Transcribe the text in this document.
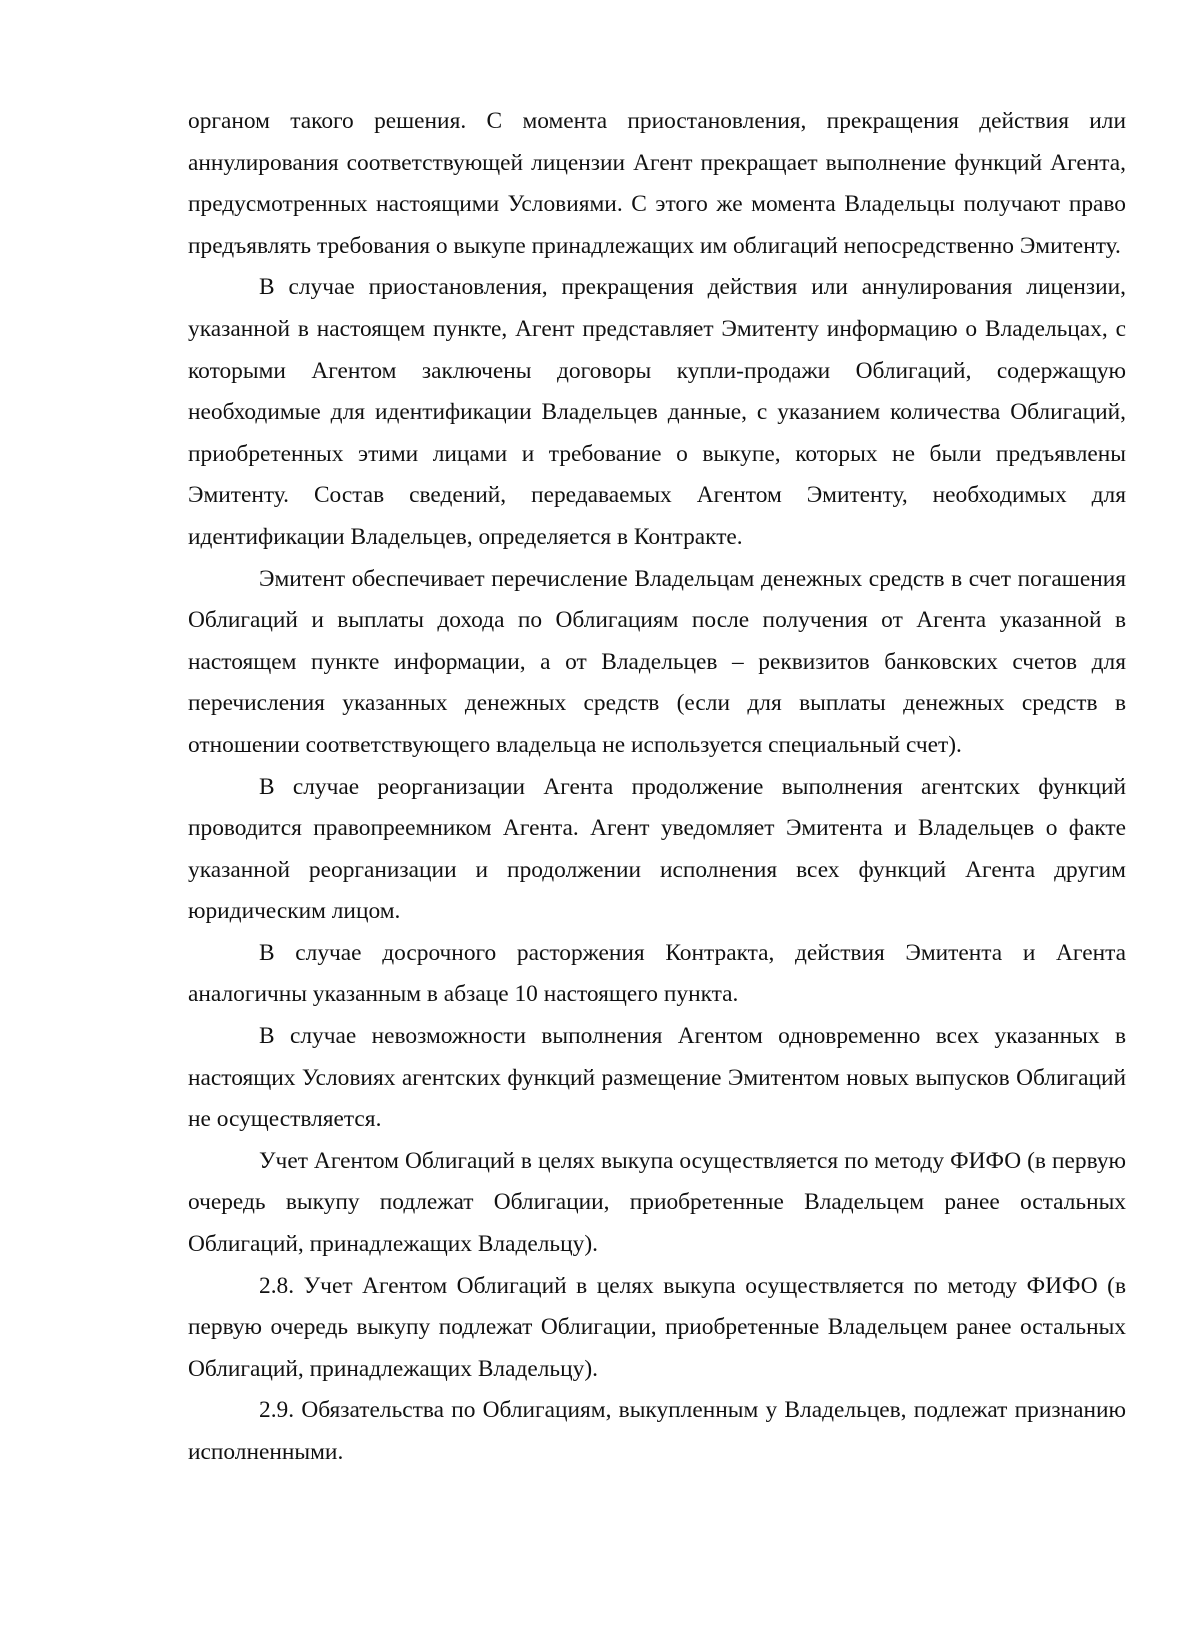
органом такого решения. С момента приостановления, прекращения действия или аннулирования соответствующей лицензии Агент прекращает выполнение функций Агента, предусмотренных настоящими Условиями. С этого же момента Владельцы получают право предъявлять требования о выкупе принадлежащих им облигаций непосредственно Эмитенту.

В случае приостановления, прекращения действия или аннулирования лицензии, указанной в настоящем пункте, Агент представляет Эмитенту информацию о Владельцах, с которыми Агентом заключены договоры купли-продажи Облигаций, содержащую необходимые для идентификации Владельцев данные, с указанием количества Облигаций, приобретенных этими лицами и требование о выкупе, которых не были предъявлены Эмитенту. Состав сведений, передаваемых Агентом Эмитенту, необходимых для идентификации Владельцев, определяется в Контракте.

Эмитент обеспечивает перечисление Владельцам денежных средств в счет погашения Облигаций и выплаты дохода по Облигациям после получения от Агента указанной в настоящем пункте информации, а от Владельцев – реквизитов банковских счетов для перечисления указанных денежных средств (если для выплаты денежных средств в отношении соответствующего владельца не используется специальный счет).

В случае реорганизации Агента продолжение выполнения агентских функций проводится правопреемником Агента. Агент уведомляет Эмитента и Владельцев о факте указанной реорганизации и продолжении исполнения всех функций Агента другим юридическим лицом.

В случае досрочного расторжения Контракта, действия Эмитента и Агента аналогичны указанным в абзаце 10 настоящего пункта.

В случае невозможности выполнения Агентом одновременно всех указанных в настоящих Условиях агентских функций размещение Эмитентом новых выпусков Облигаций не осуществляется.

Учет Агентом Облигаций в целях выкупа осуществляется по методу ФИФО (в первую очередь выкупу подлежат Облигации, приобретенные Владельцем ранее остальных Облигаций, принадлежащих Владельцу).

2.8. Учет Агентом Облигаций в целях выкупа осуществляется по методу ФИФО (в первую очередь выкупу подлежат Облигации, приобретенные Владельцем ранее остальных Облигаций, принадлежащих Владельцу).

2.9. Обязательства по Облигациям, выкупленным у Владельцев, подлежат признанию исполненными.
